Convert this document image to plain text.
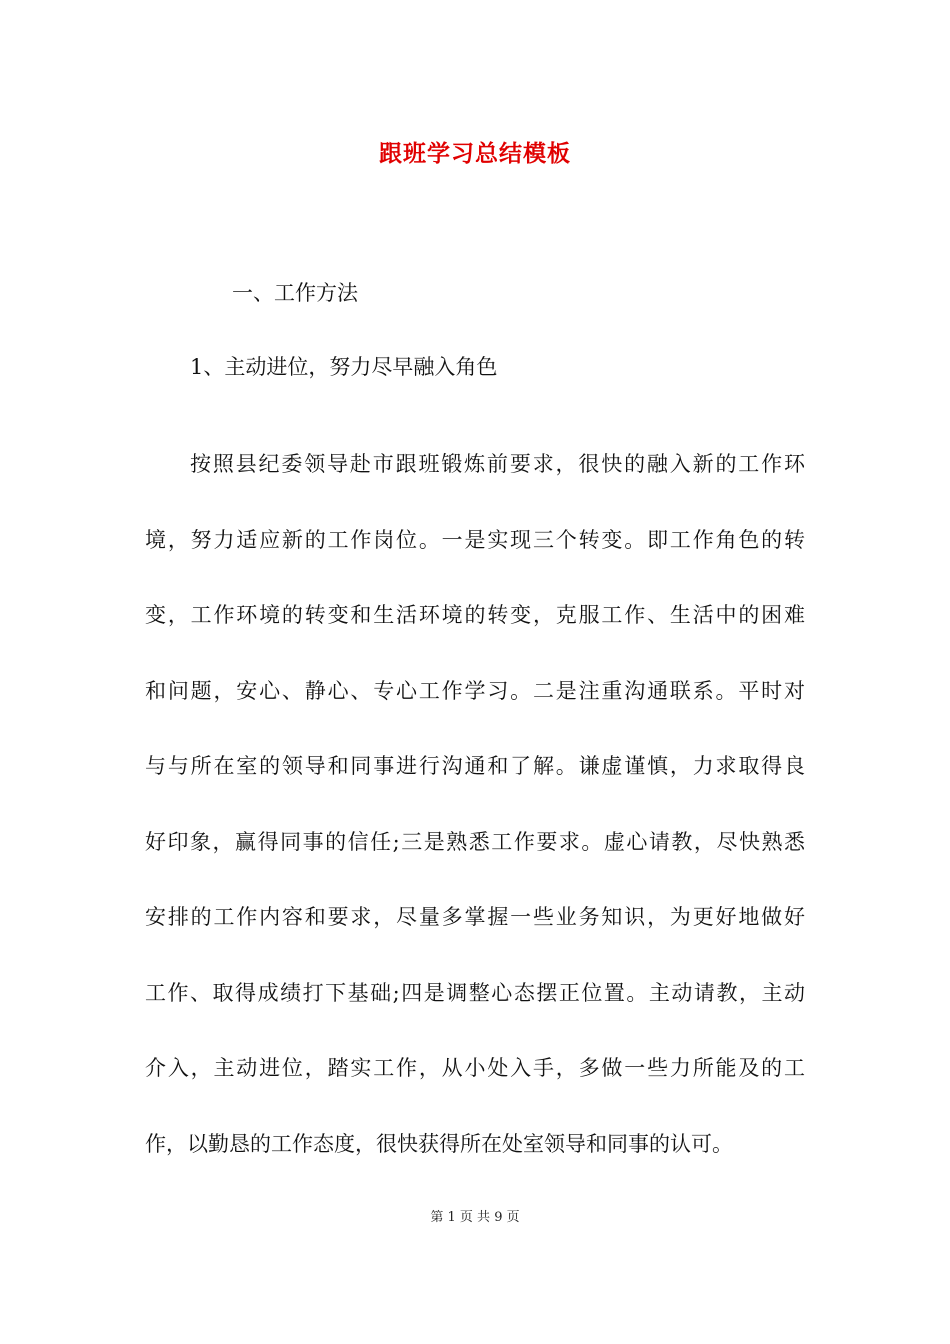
跟班学习总结模板
一、工作方法
1、主动进位，努力尽早融入角色
按照县纪委领导赴市跟班锻炼前要求，很快的融入新的工作环
境，努力适应新的工作岗位。一是实现三个转变。即工作角色的转
变，工作环境的转变和生活环境的转变，克服工作、生活中的困难
和问题，安心、静心、专心工作学习。二是注重沟通联系。平时对
与与所在室的领导和同事进行沟通和了解。谦虚谨慎，力求取得良
好印象，赢得同事的信任;三是熟悉工作要求。虚心请教，尽快熟悉
安排的工作内容和要求，尽量多掌握一些业务知识，为更好地做好
工作、取得成绩打下基础;四是调整心态摆正位置。主动请教，主动
介入，主动进位，踏实工作，从小处入手，多做一些力所能及的工
作，以勤恳的工作态度，很快获得所在处室领导和同事的认可。
第 1 页 共 9 页
